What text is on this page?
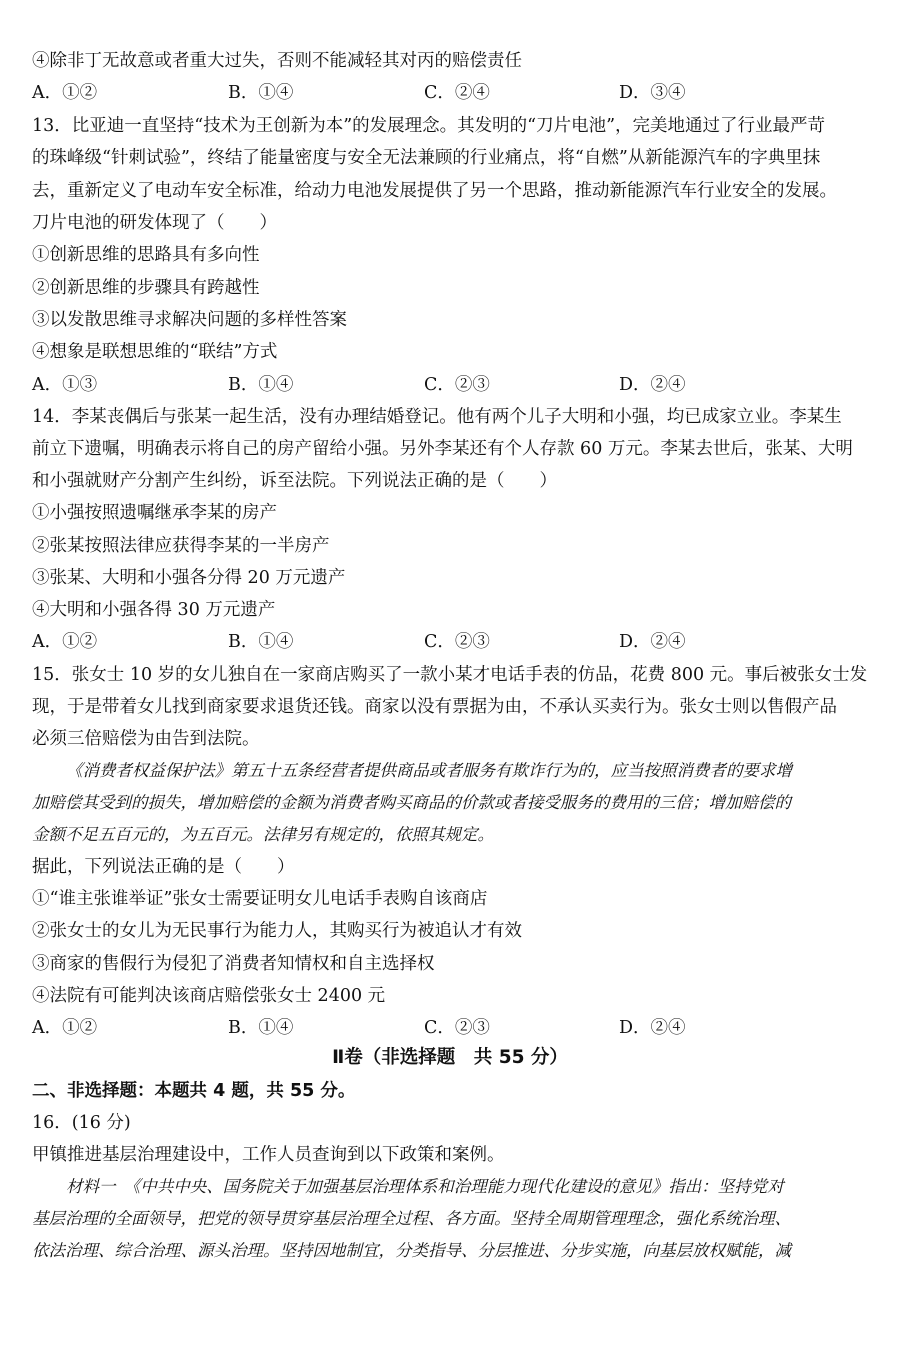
④除非丁无故意或者重大过失，否则不能减轻其对丙的赔偿责任
A．①②	B．①④	C．②④	D．③④
13．比亚迪一直坚持“技术为王创新为本”的发展理念。其发明的“刀片电池”，完美地通过了行业最严苛
的珠峰级“针刺试验”，终结了能量密度与安全无法兼顾的行业痛点，将“自燃”从新能源汽车的字典里抹
去，重新定义了电动车安全标准，给动力电池发展提供了另一个思路，推动新能源汽车行业安全的发展。
刀片电池的研发体现了（　　）
①创新思维的思路具有多向性
②创新思维的步骤具有跨越性
③以发散思维寻求解决问题的多样性答案
④想象是联想思维的“联结”方式
A．①③	B．①④	C．②③	D．②④
14．李某丧偶后与张某一起生活，没有办理结婚登记。他有两个儿子大明和小强，均已成家立业。李某生
前立下遗嘱，明确表示将自己的房产留给小强。另外李某还有个人存款 60 万元。李某去世后，张某、大明
和小强就财产分割产生纠纷，诉至法院。下列说法正确的是（　　）
①小强按照遗嘱继承李某的房产
②张某按照法律应获得李某的一半房产
③张某、大明和小强各分得 20 万元遗产
④大明和小强各得 30 万元遗产
A．①②	B．①④	C．②③	D．②④
15．张女士 10 岁的女儿独自在一家商店购买了一款小某才电话手表的仿品，花费 800 元。事后被张女士发
现，于是带着女儿找到商家要求退货还钱。商家以没有票据为由，不承认买卖行为。张女士则以售假产品
必须三倍赔偿为由告到法院。
《消费者权益保护法》第五十五条经营者提供商品或者服务有欺诈行为的，应当按照消费者的要求增
加赔偿其受到的损失，增加赔偿的金额为消费者购买商品的价款或者接受服务的费用的三倍；增加赔偿的
金额不足五百元的，为五百元。法律另有规定的，依照其规定。
据此，下列说法正确的是（　　）
①“谁主张谁举证”张女士需要证明女儿电话手表购自该商店
②张女士的女儿为无民事行为能力人，其购买行为被追认才有效
③商家的售假行为侵犯了消费者知情权和自主选择权
④法院有可能判决该商店赔偿张女士 2400 元
A．①②	B．①④	C．②③	D．②④
Ⅱ卷（非选择题　共 55 分）
二、非选择题：本题共 4 题，共 55 分。
16．(16 分)
甲镇推进基层治理建设中，工作人员查询到以下政策和案例。
材料一　《中共中央、国务院关于加强基层治理体系和治理能力现代化建设的意见》指出：坚持党对
基层治理的全面领导，把党的领导贯穿基层治理全过程、各方面。坚持全周期管理理念，强化系统治理、
依法治理、综合治理、源头治理。坚持因地制宜，分类指导、分层推进、分步实施，向基层放权赋能，减
